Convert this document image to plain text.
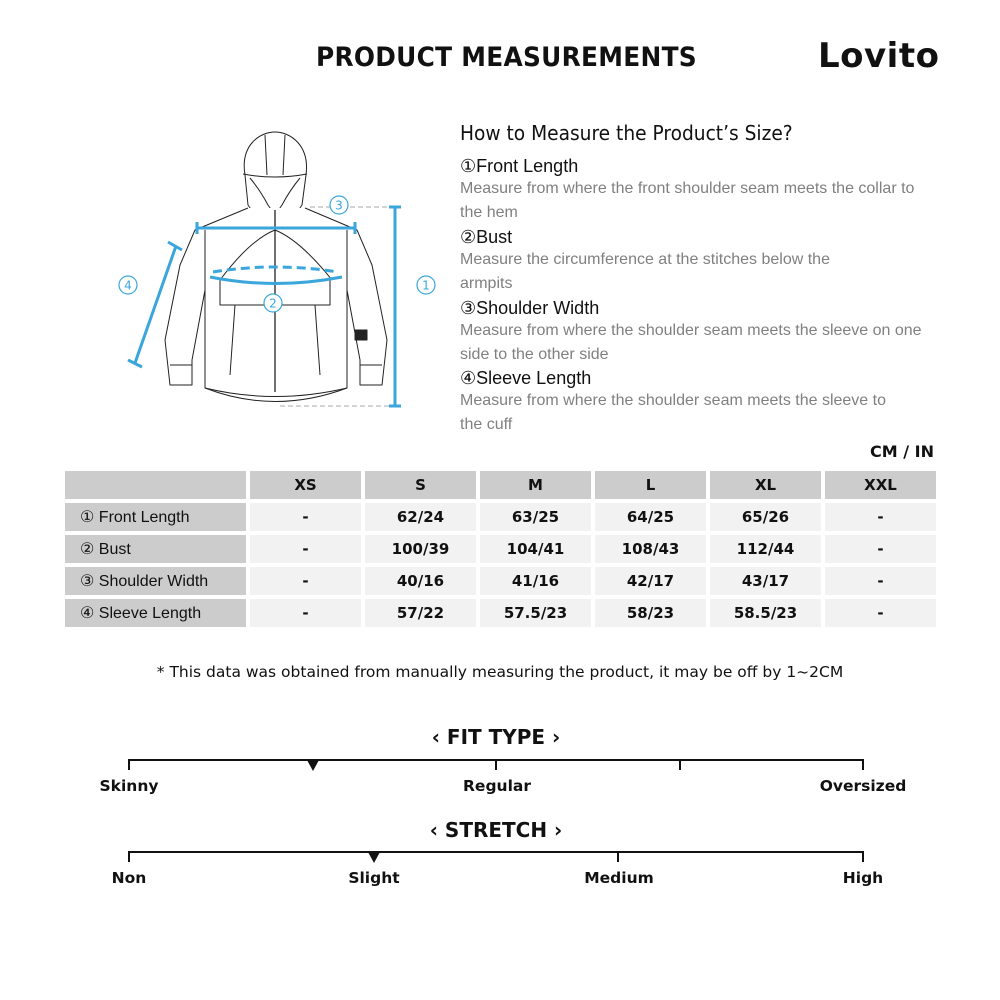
PRODUCT MEASUREMENTS	Lovito
3
4
2
1
How to Measure the Product’s Size?
①Front Length
Measure from where the front shoulder seam meets the collar to the hem
②Bust
Measure the circumference at the stitches below the armpits
③Shoulder Width
Measure from where the shoulder seam meets the sleeve on one side to the other side
④Sleeve Length
Measure from where the shoulder seam meets the sleeve to the cuff
CM / IN
	XS	S	M	L	XL	XXL
① Front Length	-	62/24	63/25	64/25	65/26	-
② Bust	-	100/39	104/41	108/43	112/44	-
③ Shoulder Width	-	40/16	41/16	42/17	43/17	-
④ Sleeve Length	-	57/22	57.5/23	58/23	58.5/23	-
* This data was obtained from manually measuring the product, it may be off by 1~2CM
‹ FIT TYPE ›
Skinny	Regular	Oversized
‹ STRETCH ›
Non	Slight	Medium	High
